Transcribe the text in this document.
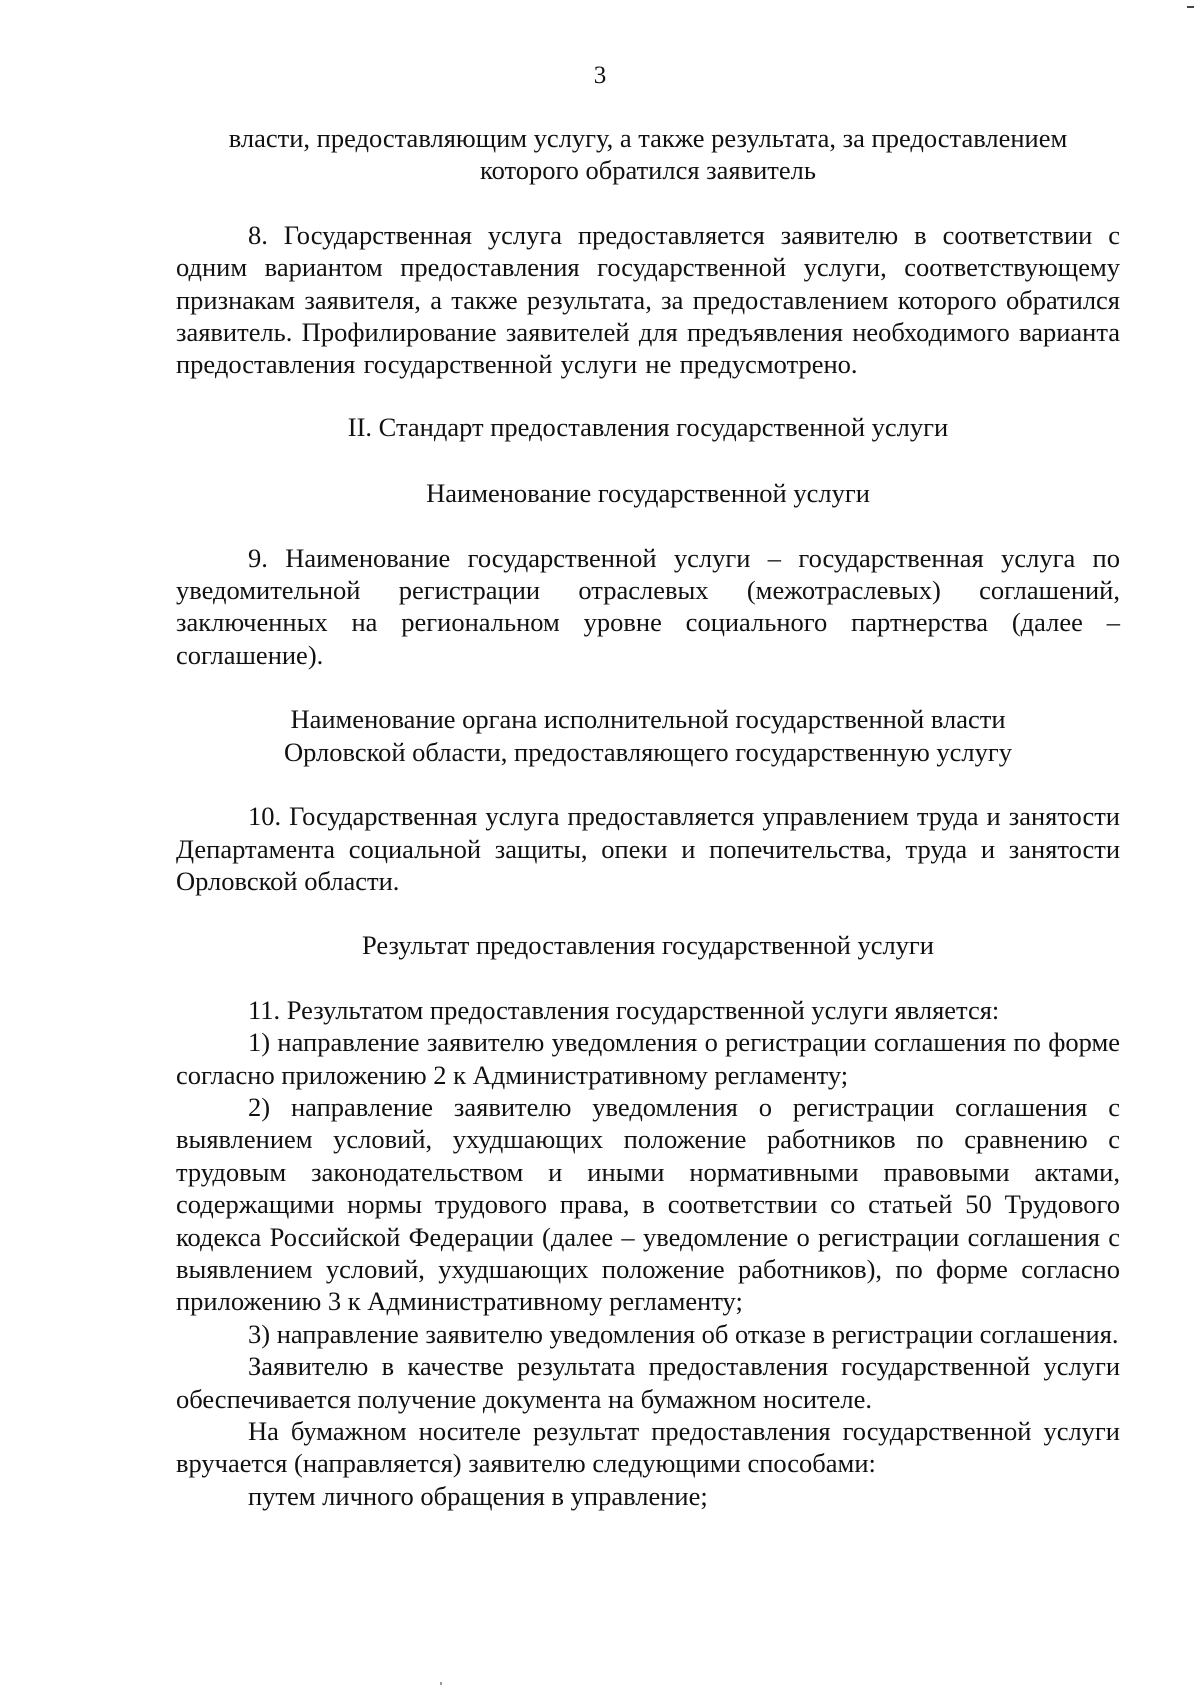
3
власти, предоставляющим услугу, а также результата, за предоставлением
которого обратился заявитель

8. Государственная услуга предоставляется заявителю в соответствии с одним вариантом предоставления государственной услуги, соответствующему признакам заявителя, а также результата, за предоставлением которого обратился заявитель. Профилирование заявителей для предъявления необходимого варианта предоставления государственной услуги не предусмотрено.

II. Стандарт предоставления государственной услуги
Наименование государственной услуги

9. Наименование государственной услуги – государственная услуга по уведомительной регистрации отраслевых (межотраслевых) соглашений, заключенных на региональном уровне социального партнерства (далее – соглашение).

Наименование органа исполнительной государственной власти
Орловской области, предоставляющего государственную услугу

10. Государственная услуга предоставляется управлением труда и занятости Департамента социальной защиты, опеки и попечительства, труда и занятости Орловской области.

Результат предоставления государственной услуги

11. Результатом предоставления государственной услуги является:

1) направление заявителю уведомления о регистрации соглашения по форме согласно приложению 2 к Административному регламенту;

2) направление заявителю уведомления о регистрации соглашения с выявлением условий, ухудшающих положение работников по сравнению с трудовым законодательством и иными нормативными правовыми актами, содержащими нормы трудового права, в соответствии со статьей 50 Трудового кодекса Российской Федерации (далее – уведомление о регистрации соглашения с выявлением условий, ухудшающих положение работников), по форме согласно приложению 3 к Административному регламенту;

3) направление заявителю уведомления об отказе в регистрации соглашения.

Заявителю в качестве результата предоставления государственной услуги обеспечивается получение документа на бумажном носителе.

На бумажном носителе результат предоставления государственной услуги вручается (направляется) заявителю следующими способами:

путем личного обращения в управление;
